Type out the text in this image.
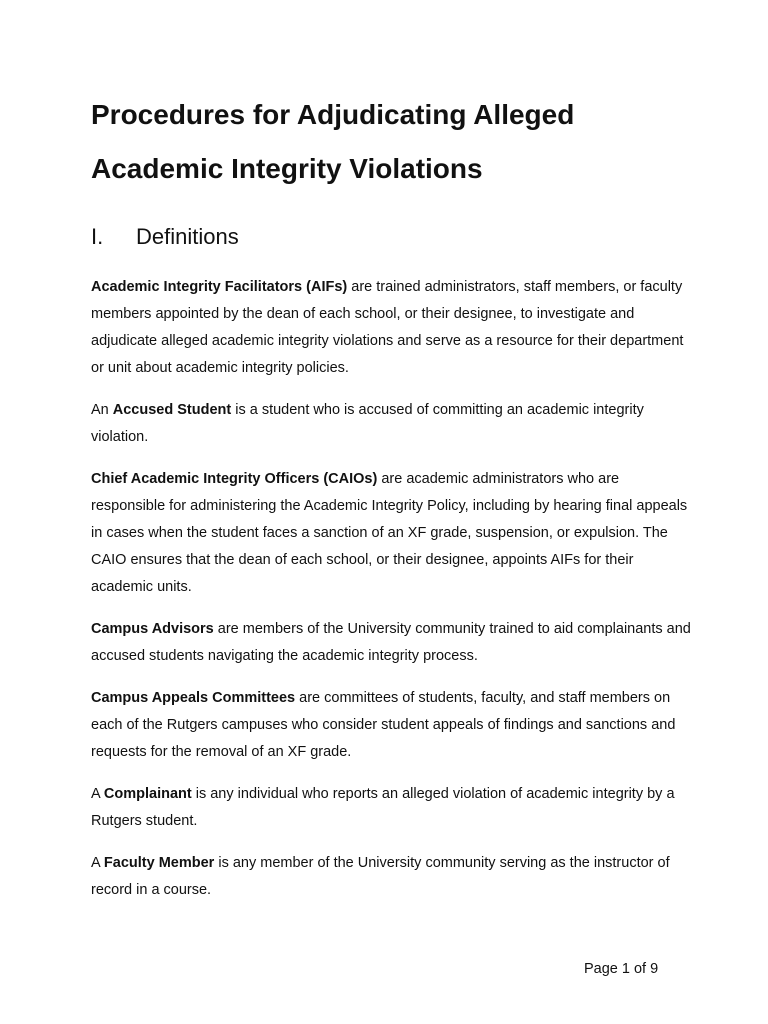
Procedures for Adjudicating Alleged
Academic Integrity Violations
I.	Definitions

Academic Integrity Facilitators (AIFs) are trained administrators, staff members, or faculty members appointed by the dean of each school, or their designee, to investigate and adjudicate alleged academic integrity violations and serve as a resource for their department or unit about academic integrity policies.

An Accused Student is a student who is accused of committing an academic integrity violation.

Chief Academic Integrity Officers (CAIOs) are academic administrators who are responsible for administering the Academic Integrity Policy, including by hearing final appeals in cases when the student faces a sanction of an XF grade, suspension, or expulsion. The CAIO ensures that the dean of each school, or their designee, appoints AIFs for their academic units.

Campus Advisors are members of the University community trained to aid complainants and accused students navigating the academic integrity process.

Campus Appeals Committees are committees of students, faculty, and staff members on each of the Rutgers campuses who consider student appeals of findings and sanctions and requests for the removal of an XF grade.

A Complainant is any individual who reports an alleged violation of academic integrity by a Rutgers student.

A Faculty Member is any member of the University community serving as the instructor of record in a course.

Page 1 of 9
